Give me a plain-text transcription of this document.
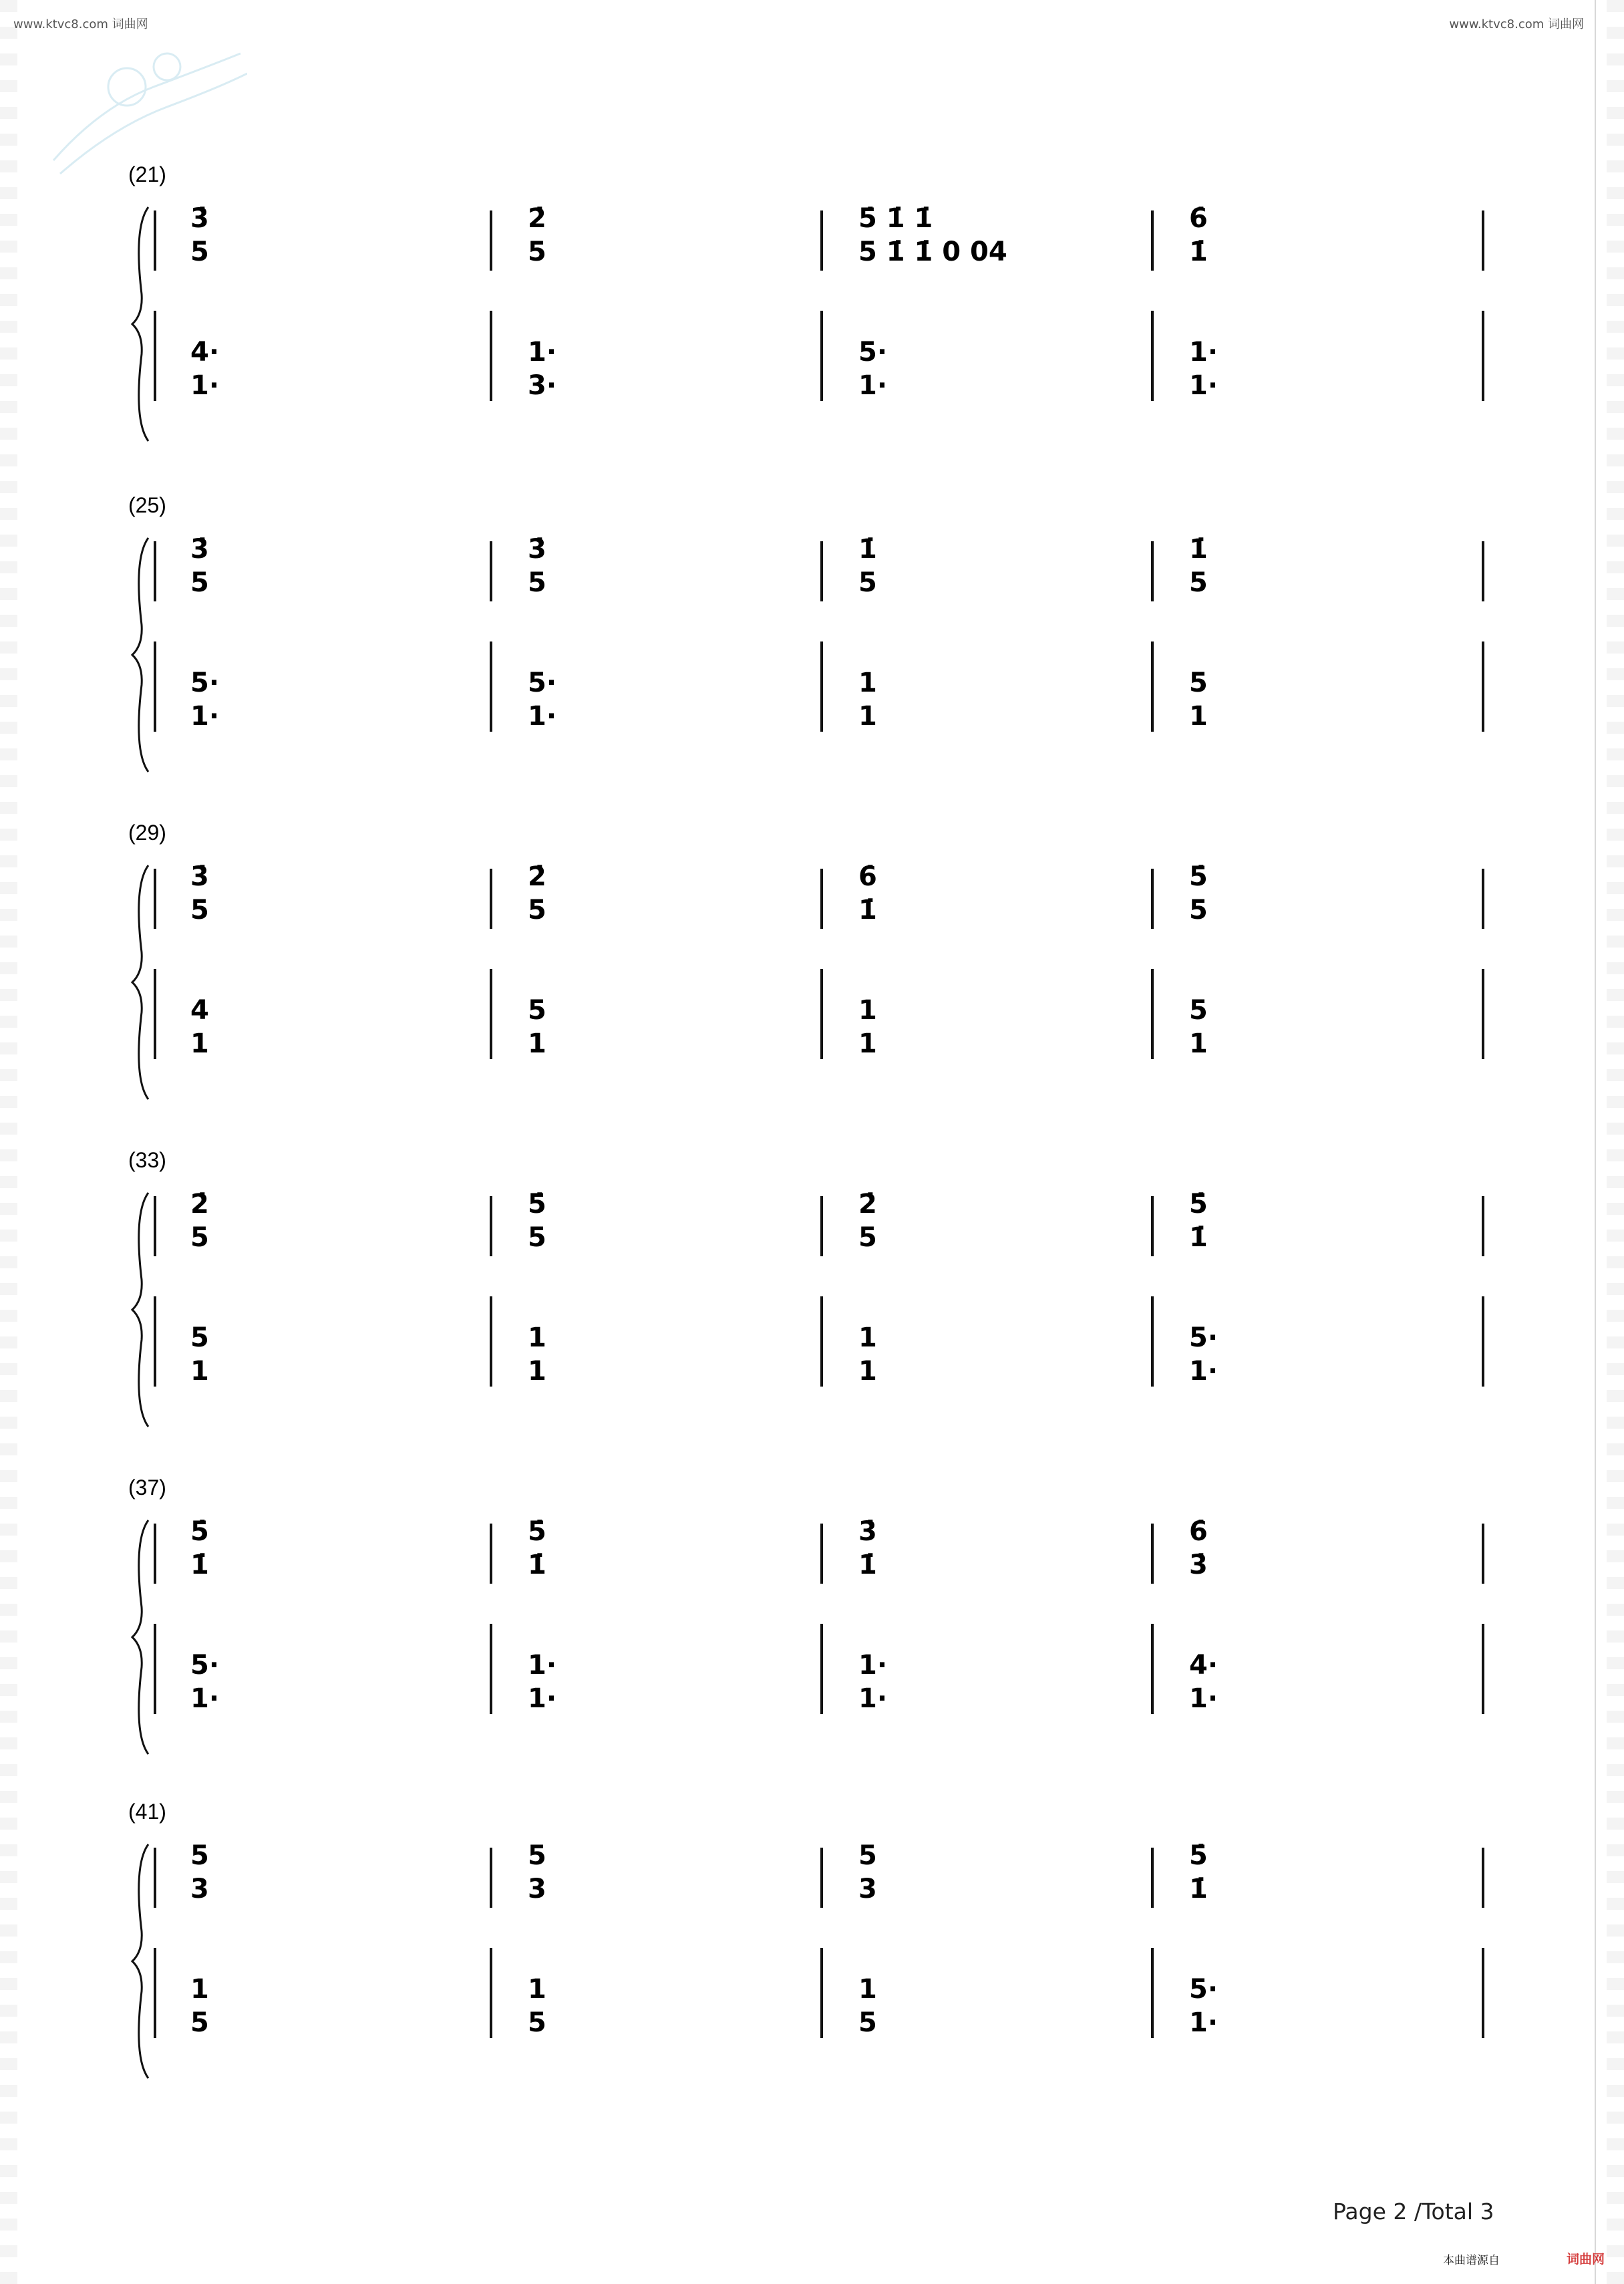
www.ktvc8.com 词曲网	www.ktvc8.com 词曲网
(21)
3̇
5
4·
1·
2̇
5
1·
3·
5̇ 1̇ 1̇
5 1̇ 1̇ 0 04
5·
1·
6̇
1̇
1·
1·
(25)
3̇
5
5·
1·
3̇
5
5·
1·
1̇
5
1
1
1̇
5
5
1
(29)
3̇
5
4
1
2̇
5
5
1
6̇
1̇
1
1
5̇
5
5
1
(33)
2̇
5
5
1
5̇
5
1
1
2̇
5
1
1
5̇
1̇
5·
1·
(37)
5̇
1̇
5·
1·
5̇
1̇
1·
1·
3̇
1̇
1·
1·
6̇
3̇
4·
1·
(41)
5
3
1
5
5
3
1
5
5
3
1
5
5̇
1̇
5·
1·
Page 2 /Total 3
本曲谱源自	词曲网
